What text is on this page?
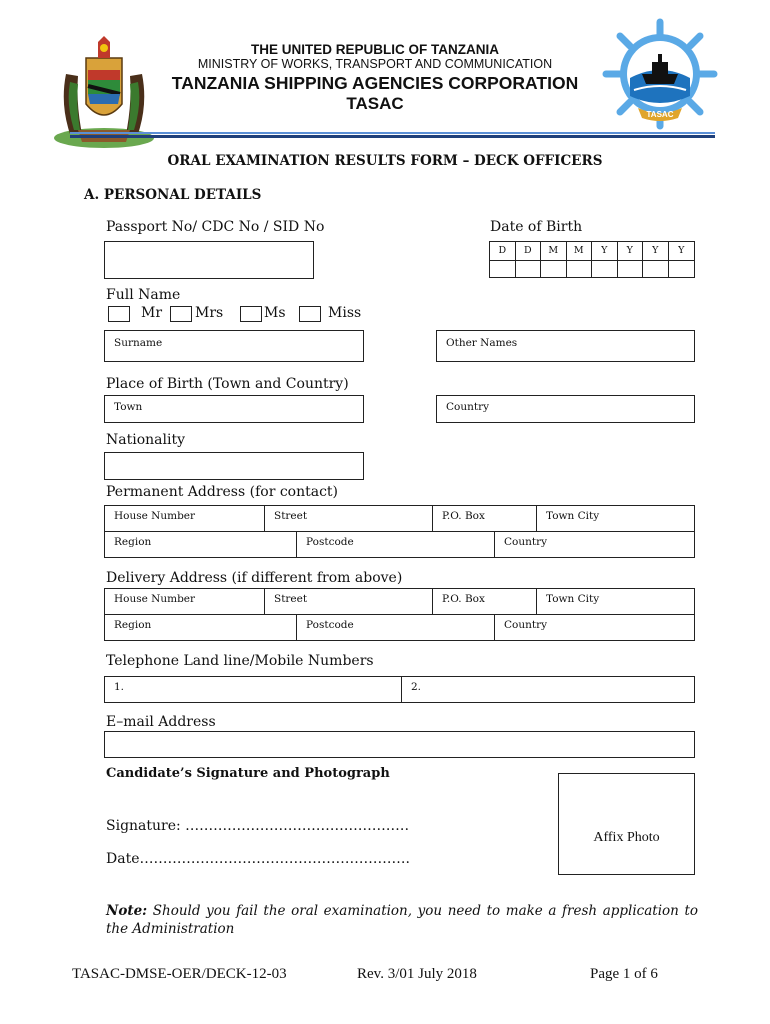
THE UNITED REPUBLIC OF TANZANIA
MINISTRY OF WORKS, TRANSPORT AND COMMUNICATION
TANZANIA SHIPPING AGENCIES CORPORATION
TASAC
TASAC
ORAL EXAMINATION RESULTS FORM – DECK OFFICERS
A. PERSONAL DETAILS
Passport No/ CDC No / SID No	Date of Birth
D	D	M	M	Y	Y	Y	Y
Full Name
Mr Mrs	Ms	Miss
Surname	Other Names
Place of Birth (Town and Country)
Town	Country
Nationality
Permanent Address (for contact)
House Number	Street	P.O. Box	Town City
Region	Postcode	Country
Delivery Address (if different from above)
House Number	Street	P.O. Box	Town City
Region	Postcode	Country
Telephone Land line/Mobile Numbers
1.	2.
E–mail Address
Candidate’s Signature and Photograph
Signature: …………………………………………
Date………………………………………………….
Affix Photo
Note: Should you fail the oral examination, you need to make a fresh application to the Administration
TASAC-DMSE-OER/DECK-12-03	Rev. 3/01 July 2018	Page 1 of 6
